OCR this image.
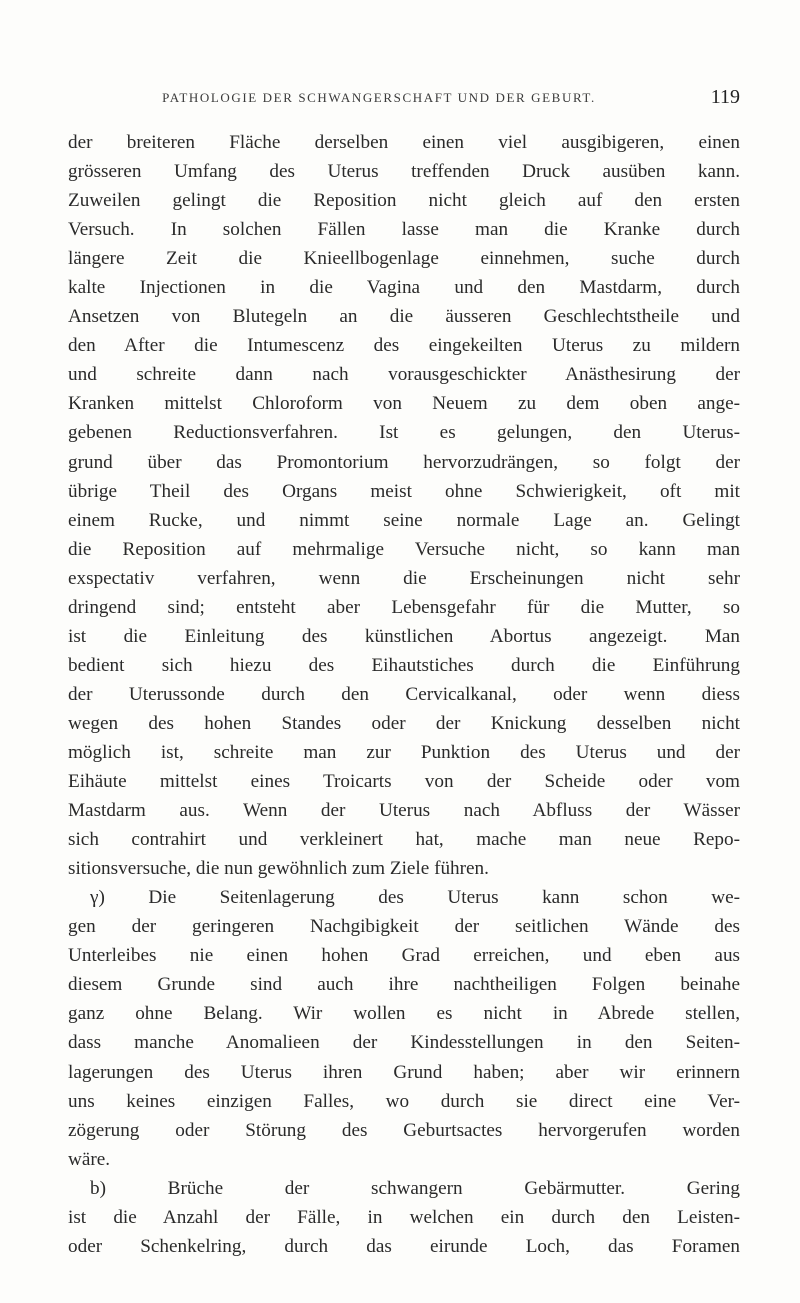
PATHOLOGIE DER SCHWANGERSCHAFT UND DER GEBURT.	119
der breiteren Fläche derselben einen viel ausgibigeren, einen
grösseren Umfang des Uterus treffenden Druck ausüben kann.
Zuweilen gelingt die Reposition nicht gleich auf den ersten
Versuch. In solchen Fällen lasse man die Kranke durch
längere Zeit die Knieellbogenlage einnehmen, suche durch
kalte Injectionen in die Vagina und den Mastdarm, durch
Ansetzen von Blutegeln an die äusseren Geschlechtstheile und
den After die Intumescenz des eingekeilten Uterus zu mildern
und schreite dann nach vorausgeschickter Anästhesirung der
Kranken mittelst Chloroform von Neuem zu dem oben ange-
gebenen Reductionsverfahren. Ist es gelungen, den Uterus-
grund über das Promontorium hervorzudrängen, so folgt der
übrige Theil des Organs meist ohne Schwierigkeit, oft mit
einem Rucke, und nimmt seine normale Lage an. Gelingt
die Reposition auf mehrmalige Versuche nicht, so kann man
exspectativ verfahren, wenn die Erscheinungen nicht sehr
dringend sind; entsteht aber Lebensgefahr für die Mutter, so
ist die Einleitung des künstlichen Abortus angezeigt. Man
bedient sich hiezu des Eihautstiches durch die Einführung
der Uterussonde durch den Cervicalkanal, oder wenn diess
wegen des hohen Standes oder der Knickung desselben nicht
möglich ist, schreite man zur Punktion des Uterus und der
Eihäute mittelst eines Troicarts von der Scheide oder vom
Mastdarm aus. Wenn der Uterus nach Abfluss der Wässer
sich contrahirt und verkleinert hat, mache man neue Repo-
sitionsversuche, die nun gewöhnlich zum Ziele führen.
γ) Die Seitenlagerung des Uterus kann schon we-
gen der geringeren Nachgibigkeit der seitlichen Wände des
Unterleibes nie einen hohen Grad erreichen, und eben aus
diesem Grunde sind auch ihre nachtheiligen Folgen beinahe
ganz ohne Belang. Wir wollen es nicht in Abrede stellen,
dass manche Anomalieen der Kindesstellungen in den Seiten-
lagerungen des Uterus ihren Grund haben; aber wir erinnern
uns keines einzigen Falles, wo durch sie direct eine Ver-
zögerung oder Störung des Geburtsactes hervorgerufen worden
wäre.
b) Brüche der schwangern Gebärmutter. Gering
ist die Anzahl der Fälle, in welchen ein durch den Leisten-
oder Schenkelring, durch das eirunde Loch, das Foramen
